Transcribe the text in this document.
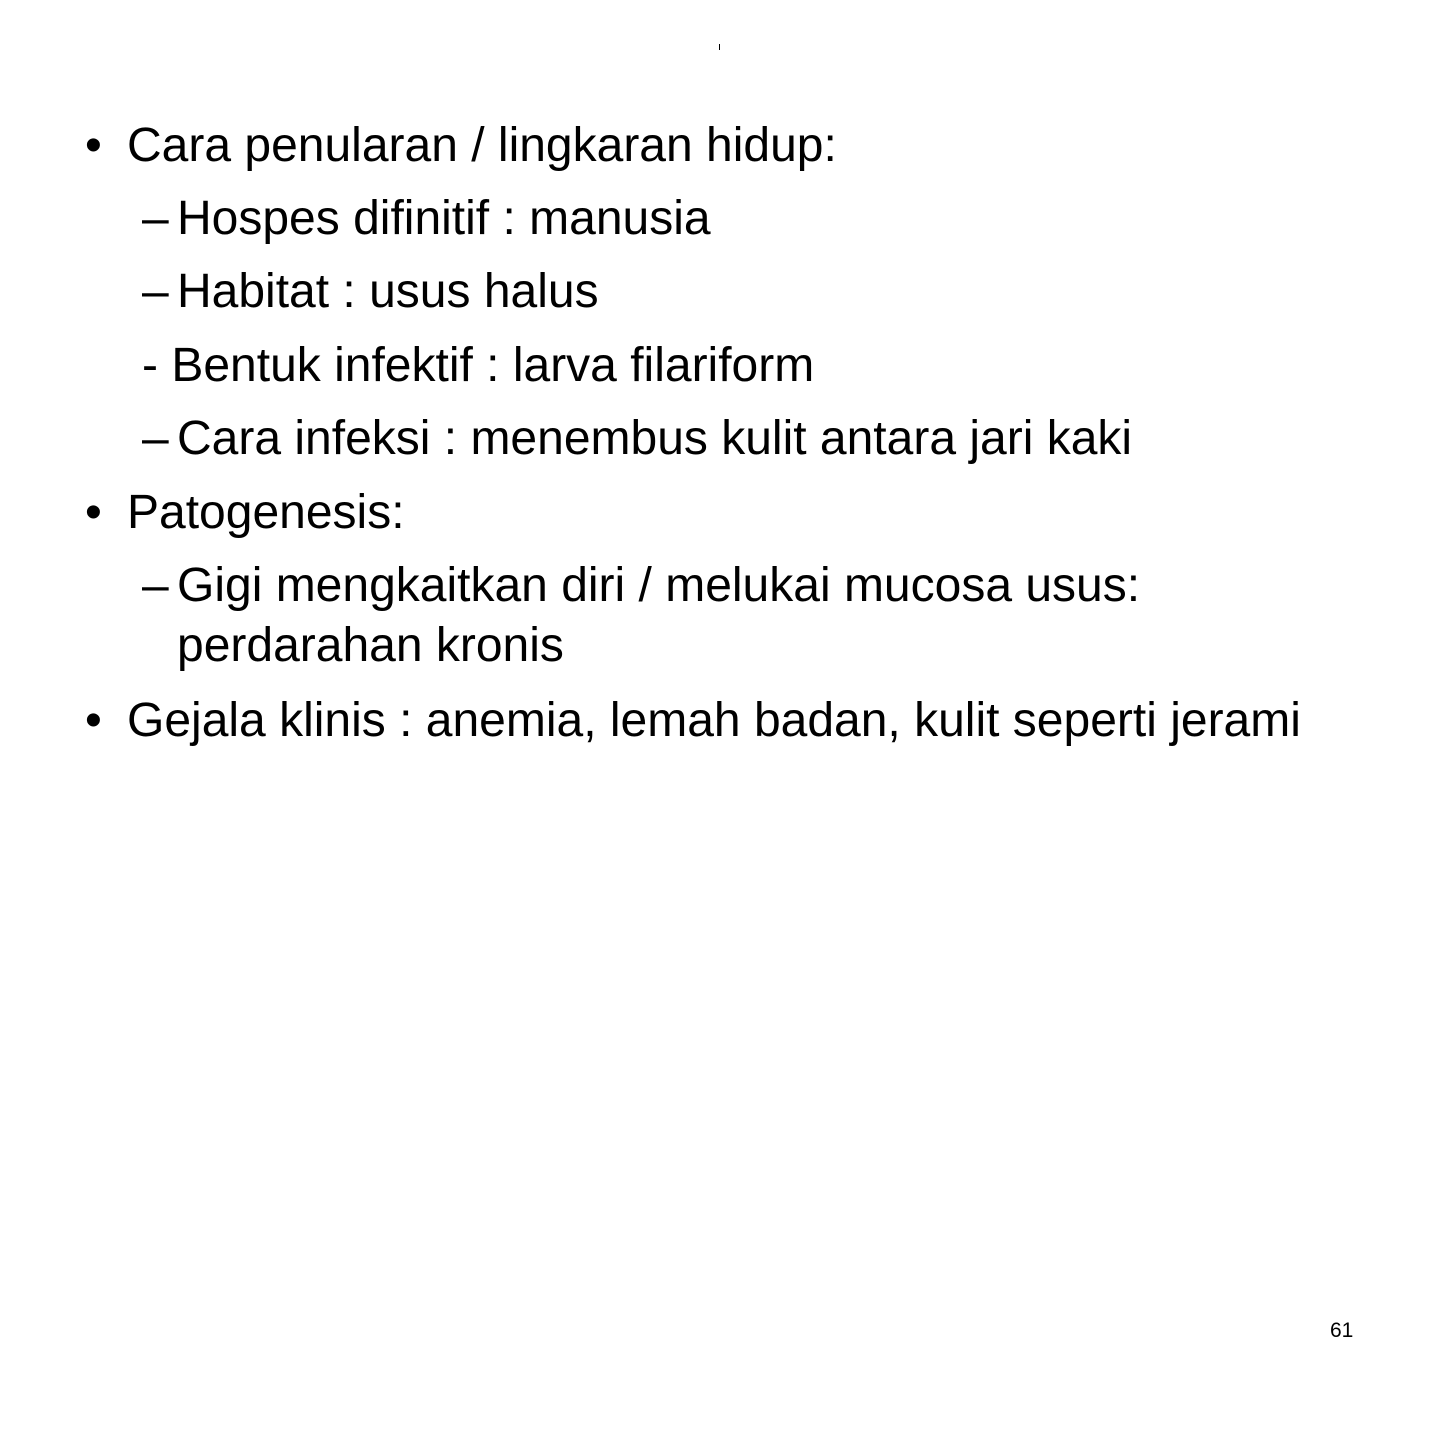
• Cara penularan / lingkaran hidup:
– Hospes difinitif : manusia
– Habitat : usus halus
- Bentuk infektif : larva filariform
– Cara infeksi : menembus kulit antara jari kaki
• Patogenesis:
– Gigi mengkaitkan diri / melukai mucosa usus:
perdarahan kronis
• Gejala klinis : anemia, lemah badan, kulit seperti jerami
61
